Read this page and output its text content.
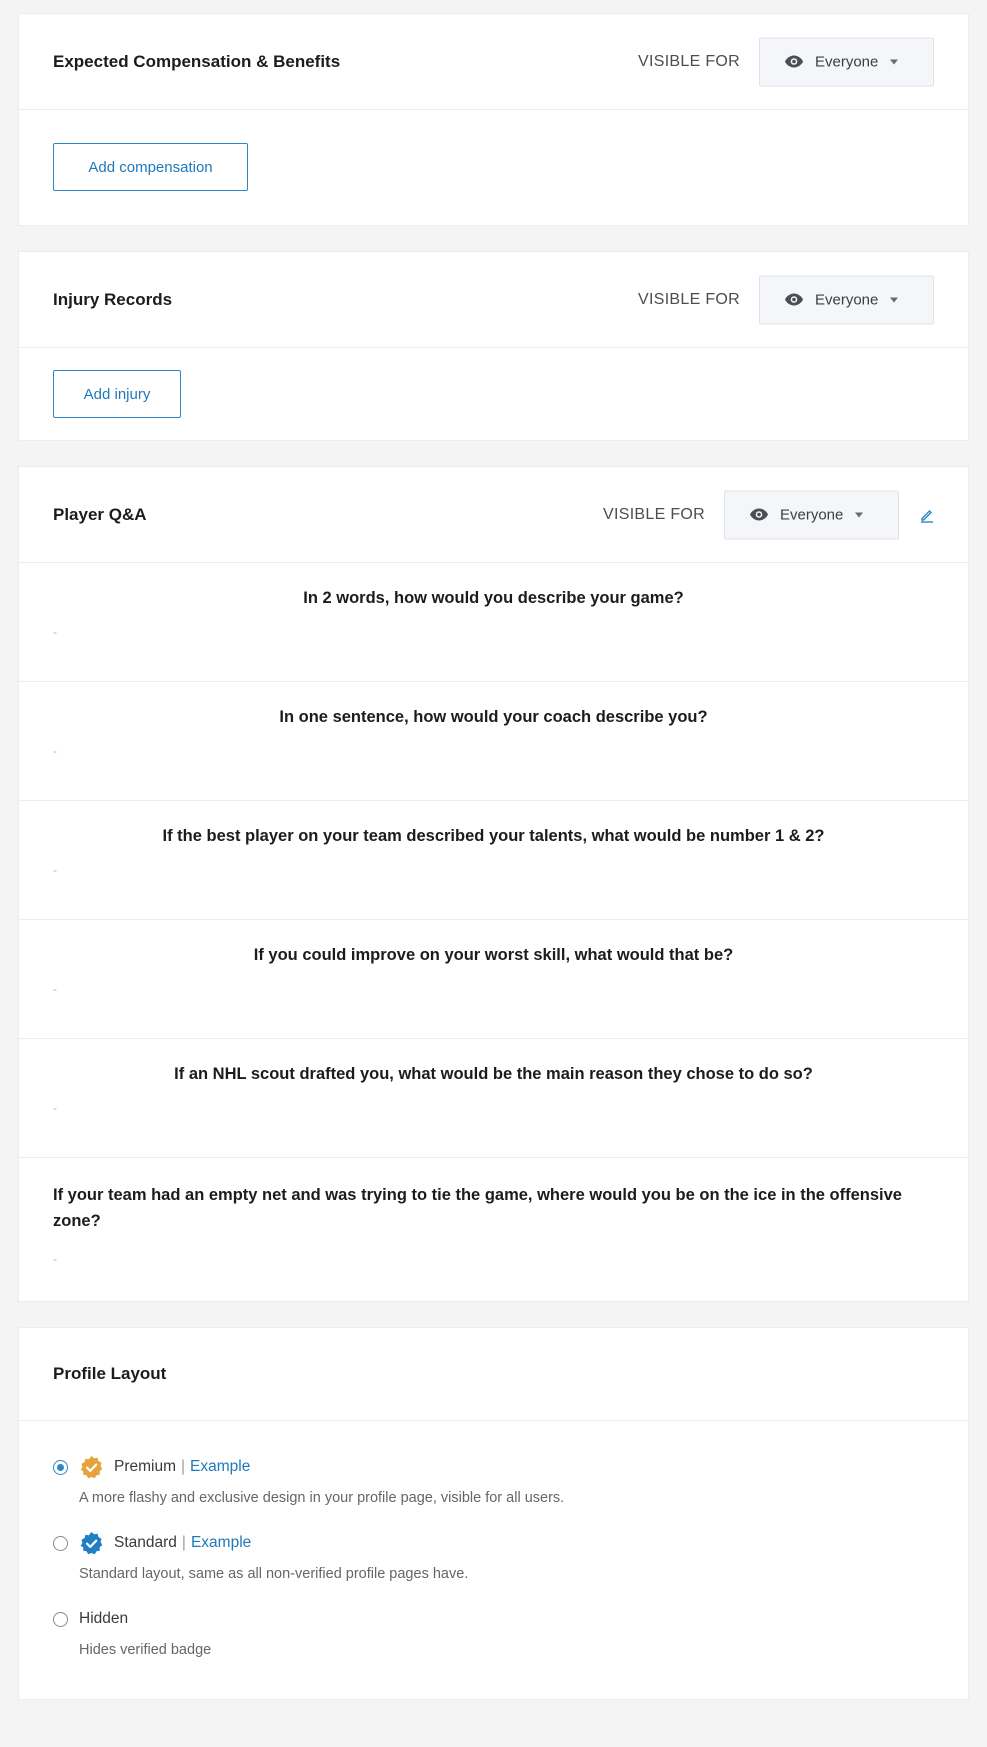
Expected Compensation & Benefits	VISIBLE FOR	Everyone
Add compensation
Injury Records	VISIBLE FOR	Everyone
Add injury
Player Q&A	VISIBLE FOR	Everyone
In 2 words, how would you describe your game?
-
In one sentence, how would your coach describe you?
-
If the best player on your team described your talents, what would be number 1 & 2?
-
If you could improve on your worst skill, what would that be?
-
If an NHL scout drafted you, what would be the main reason they chose to do so?
-
If your team had an empty net and was trying to tie the game, where would you be on the ice in the offensive zone?
-
Profile Layout
Premium | Example
A more flashy and exclusive design in your profile page, visible for all users.
Standard | Example
Standard layout, same as all non-verified profile pages have.
Hidden
Hides verified badge
